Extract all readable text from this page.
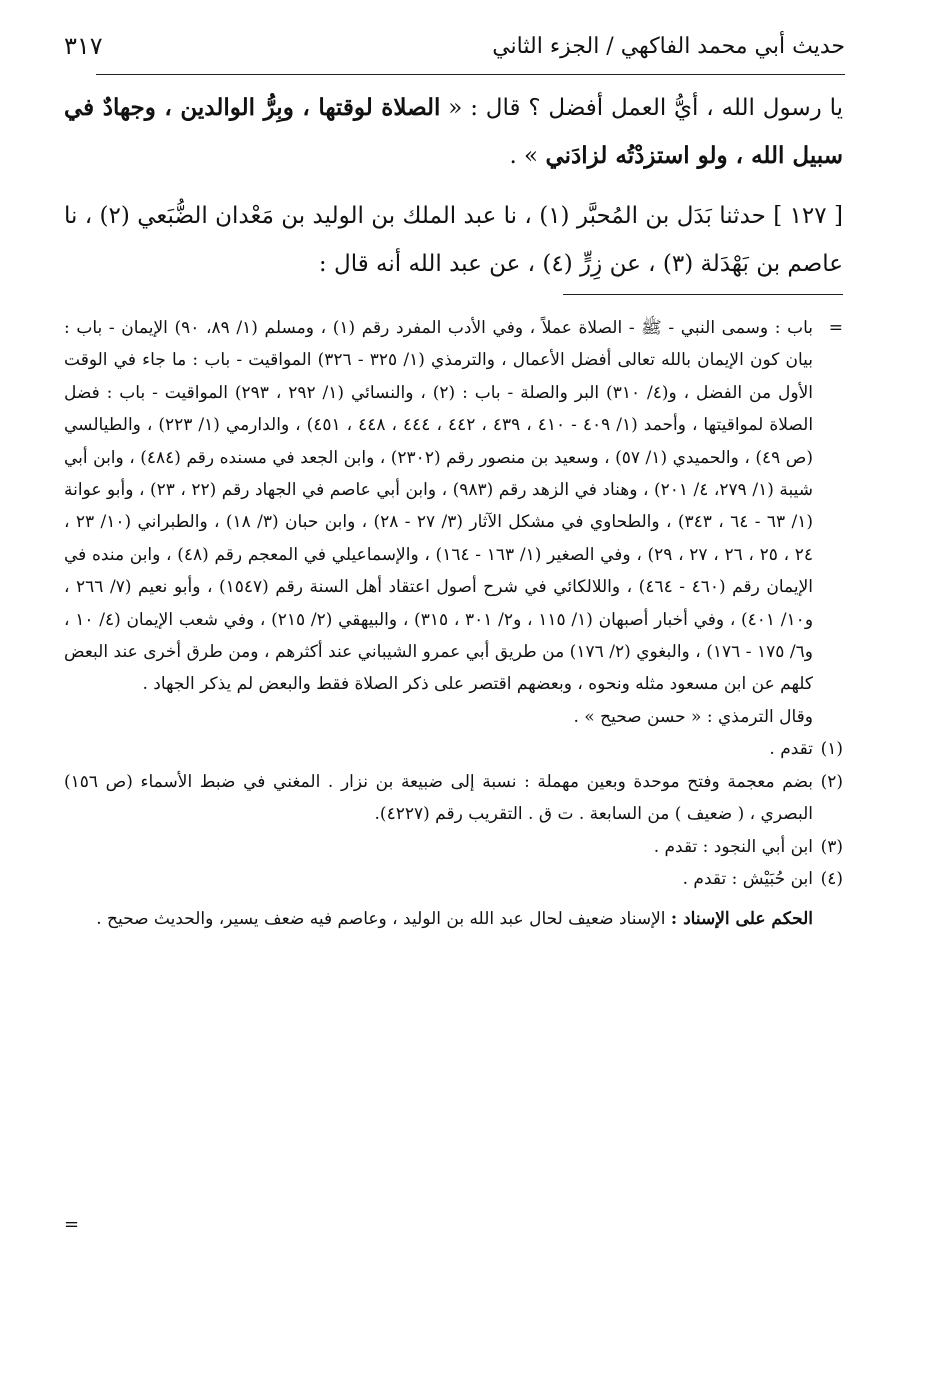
حديث أبي محمد الفاكهي / الجزء الثاني
٣١٧

يا رسول الله ، أيُّ العمل أفضل ؟ قال : « الصلاة لوقتها ، وبِرُّ الوالدين ، وجهادٌ في سبيل الله ، ولو استزدْتُه لزادَني » .

[ ١٢٧ ] حدثنا بَدَل بن المُحبَّر (١) ، نا عبد الملك بن الوليد بن مَعْدان الضُّبَعي (٢) ، نا عاصم بن بَهْدَلة (٣) ، عن زِرٍّ (٤) ، عن عبد الله أنه قال :

=

باب : وسمى النبي - ﷺ - الصلاة عملاً ، وفي الأدب المفرد رقم (١) ، ومسلم (١/ ٨٩، ٩٠) الإيمان - باب : بيان كون الإيمان بالله تعالى أفضل الأعمال ، والترمذي (١/ ٣٢٥ - ٣٢٦) المواقيت - باب : ما جاء في الوقت الأول من الفضل ، و(٤/ ٣١٠) البر والصلة - باب : (٢) ، والنسائي (١/ ٢٩٢ ، ٢٩٣) المواقيت - باب : فضل الصلاة لمواقيتها ، وأحمد (١/ ٤٠٩ - ٤١٠ ، ٤٣٩ ، ٤٤٢ ، ٤٤٤ ، ٤٤٨ ، ٤٥١) ، والدارمي (١/ ٢٢٣) ، والطيالسي (ص ٤٩) ، والحميدي (١/ ٥٧) ، وسعيد بن منصور رقم (٢٣٠٢) ، وابن الجعد في مسنده رقم (٤٨٤) ، وابن أبي شيبة (١/ ٢٧٩، ٤/ ٢٠١) ، وهناد في الزهد رقم (٩٨٣) ، وابن أبي عاصم في الجهاد رقم (٢٢ ، ٢٣) ، وأبو عوانة (١/ ٦٣ - ٦٤ ، ٣٤٣) ، والطحاوي في مشكل الآثار (٣/ ٢٧ - ٢٨) ، وابن حبان (٣/ ١٨) ، والطبراني (١٠/ ٢٣ ، ٢٤ ، ٢٥ ، ٢٦ ، ٢٧ ، ٢٩) ، وفي الصغير (١/ ١٦٣ - ١٦٤) ، والإسماعيلي في المعجم رقم (٤٨) ، وابن منده في الإيمان رقم (٤٦٠ - ٤٦٤) ، واللالكائي في شرح أصول اعتقاد أهل السنة رقم (١٥٤٧) ، وأبو نعيم (٧/ ٢٦٦ ، و١٠/ ٤٠١) ، وفي أخبار أصبهان (١/ ١١٥ ، و٢/ ٣٠١ ، ٣١٥) ، والبيهقي (٢/ ٢١٥) ، وفي شعب الإيمان (٤/ ١٠ ، و٦/ ١٧٥ - ١٧٦) ، والبغوي (٢/ ١٧٦) من طريق أبي عمرو الشيباني عند أكثرهم ، ومن طرق أخرى عند البعض كلهم عن ابن مسعود مثله ونحوه ، وبعضهم اقتصر على ذكر الصلاة فقط والبعض لم يذكر الجهاد .

وقال الترمذي : « حسن صحيح » .

(١)
تقدم .

(٢)
بضم معجمة وفتح موحدة وبعين مهملة : نسبة إلى ضبيعة بن نزار . المغني في ضبط الأسماء (ص ١٥٦) البصري ، ( ضعيف ) من السابعة . ت ق . التقريب رقم (٤٢٢٧).

(٣)
ابن أبي النجود : تقدم .

(٤)
ابن حُبَيْش : تقدم .

الحكم على الإسناد : الإسناد ضعيف لحال عبد الله بن الوليد ، وعاصم فيه ضعف يسير، والحديث صحيح .

=
